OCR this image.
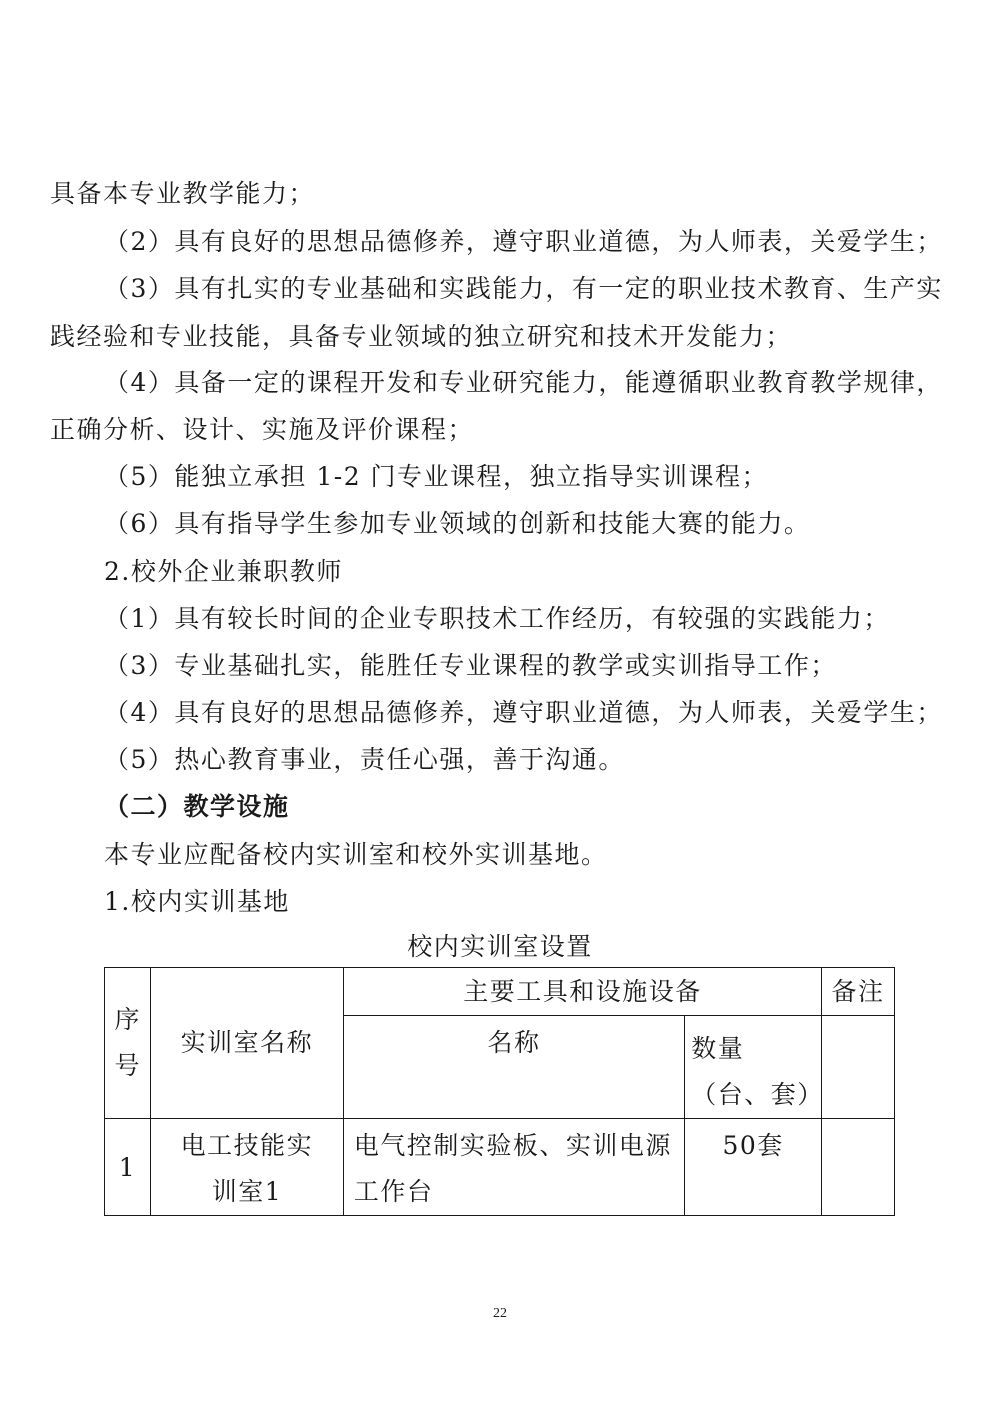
具备本专业教学能力；
（2）具有良好的思想品德修养，遵守职业道德，为人师表，关爱学生；
（3）具有扎实的专业基础和实践能力，有一定的职业技术教育、生产实
践经验和专业技能，具备专业领域的独立研究和技术开发能力；
（4）具备一定的课程开发和专业研究能力，能遵循职业教育教学规律，
正确分析、设计、实施及评价课程；
（5）能独立承担 1-2 门专业课程，独立指导实训课程；
（6）具有指导学生参加专业领域的创新和技能大赛的能力。
2.校外企业兼职教师
（1）具有较长时间的企业专职技术工作经历，有较强的实践能力；
（3）专业基础扎实，能胜任专业课程的教学或实训指导工作；
（4）具有良好的思想品德修养，遵守职业道德，为人师表，关爱学生；
（5）热心教育事业，责任心强，善于沟通。
（二）教学设施
本专业应配备校内实训室和校外实训基地。
1.校内实训基地
校内实训室设置
序号	实训室名称	主要工具和设施设备		备注

		名称	数量（台、套）	

1	电工技能实训室1	电气控制实验板、实训电源工作台	50套	

22
